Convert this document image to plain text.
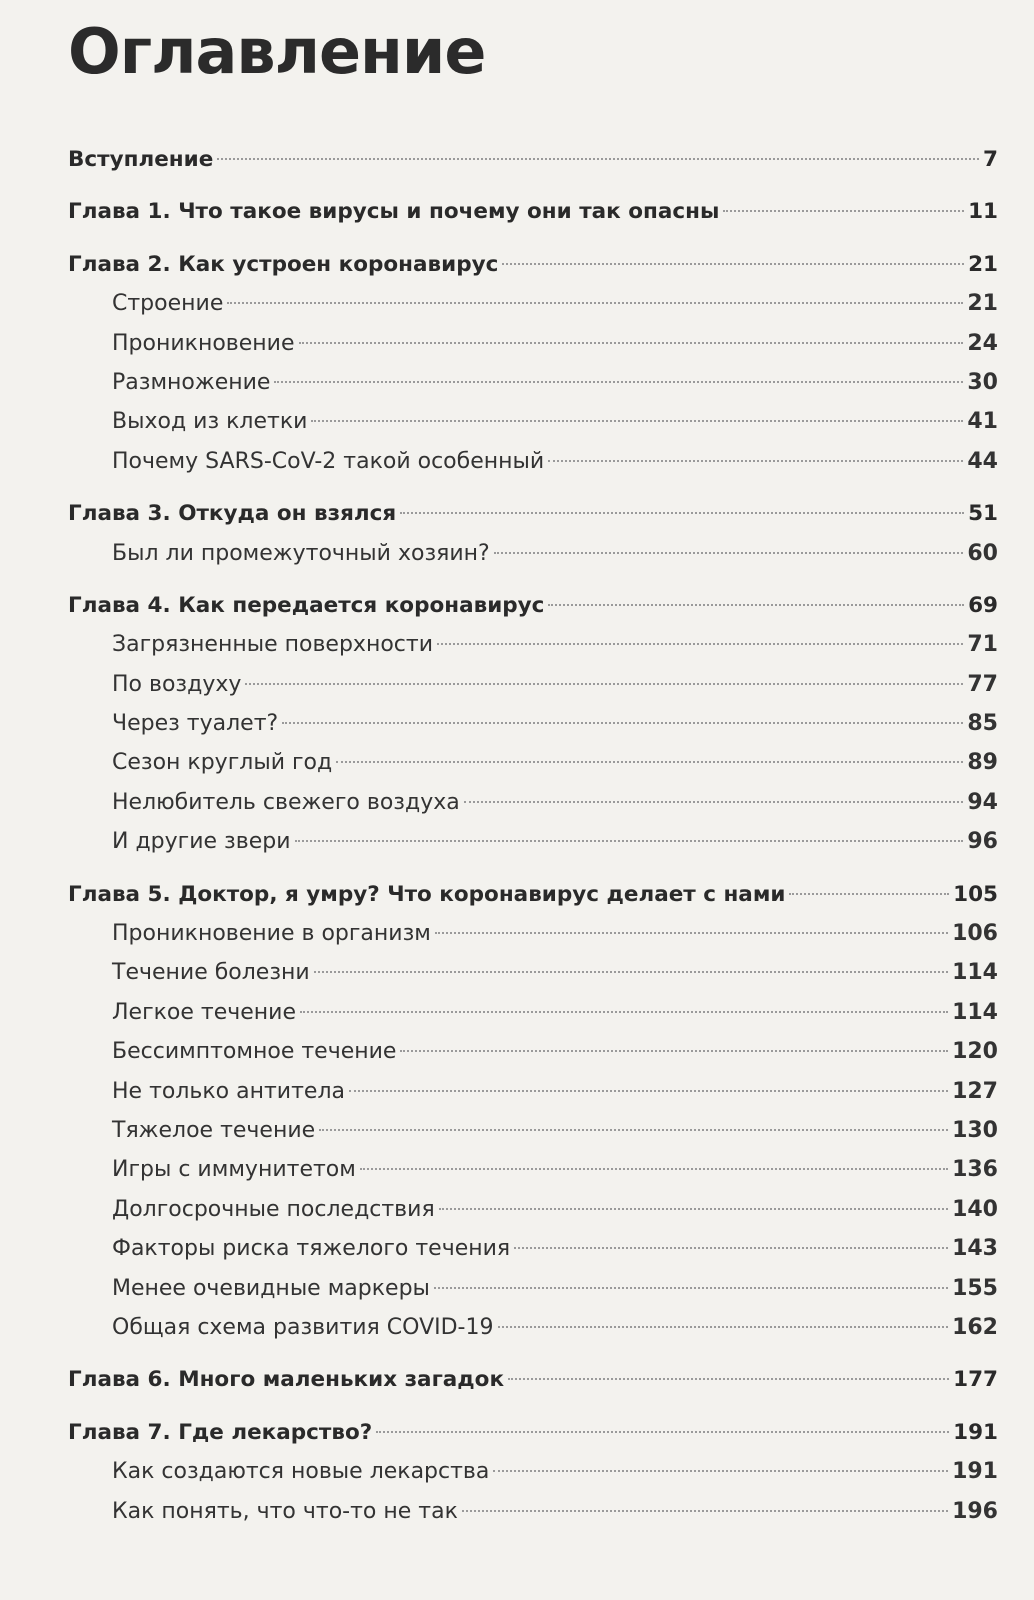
Оглавление
Вступление	7
Глава 1. Что такое вирусы и почему они так опасны	11
Глава 2. Как устроен коронавирус	21
Строение	21
Проникновение	24
Размножение	30
Выход из клетки	41
Почему SARS-CoV-2 такой особенный	44
Глава 3. Откуда он взялся	51
Был ли промежуточный хозяин?	60
Глава 4. Как передается коронавирус	69
Загрязненные поверхности	71
По воздуху	77
Через туалет?	85
Сезон круглый год	89
Нелюбитель свежего воздуха	94
И другие звери	96
Глава 5. Доктор, я умру? Что коронавирус делает с нами	105
Проникновение в организм	106
Течение болезни	114
Легкое течение	114
Бессимптомное течение	120
Не только антитела	127
Тяжелое течение	130
Игры с иммунитетом	136
Долгосрочные последствия	140
Факторы риска тяжелого течения	143
Менее очевидные маркеры	155
Общая схема развития COVID-19	162
Глава 6. Много маленьких загадок	177
Глава 7. Где лекарство?	191
Как создаются новые лекарства	191
Как понять, что что-то не так	196
